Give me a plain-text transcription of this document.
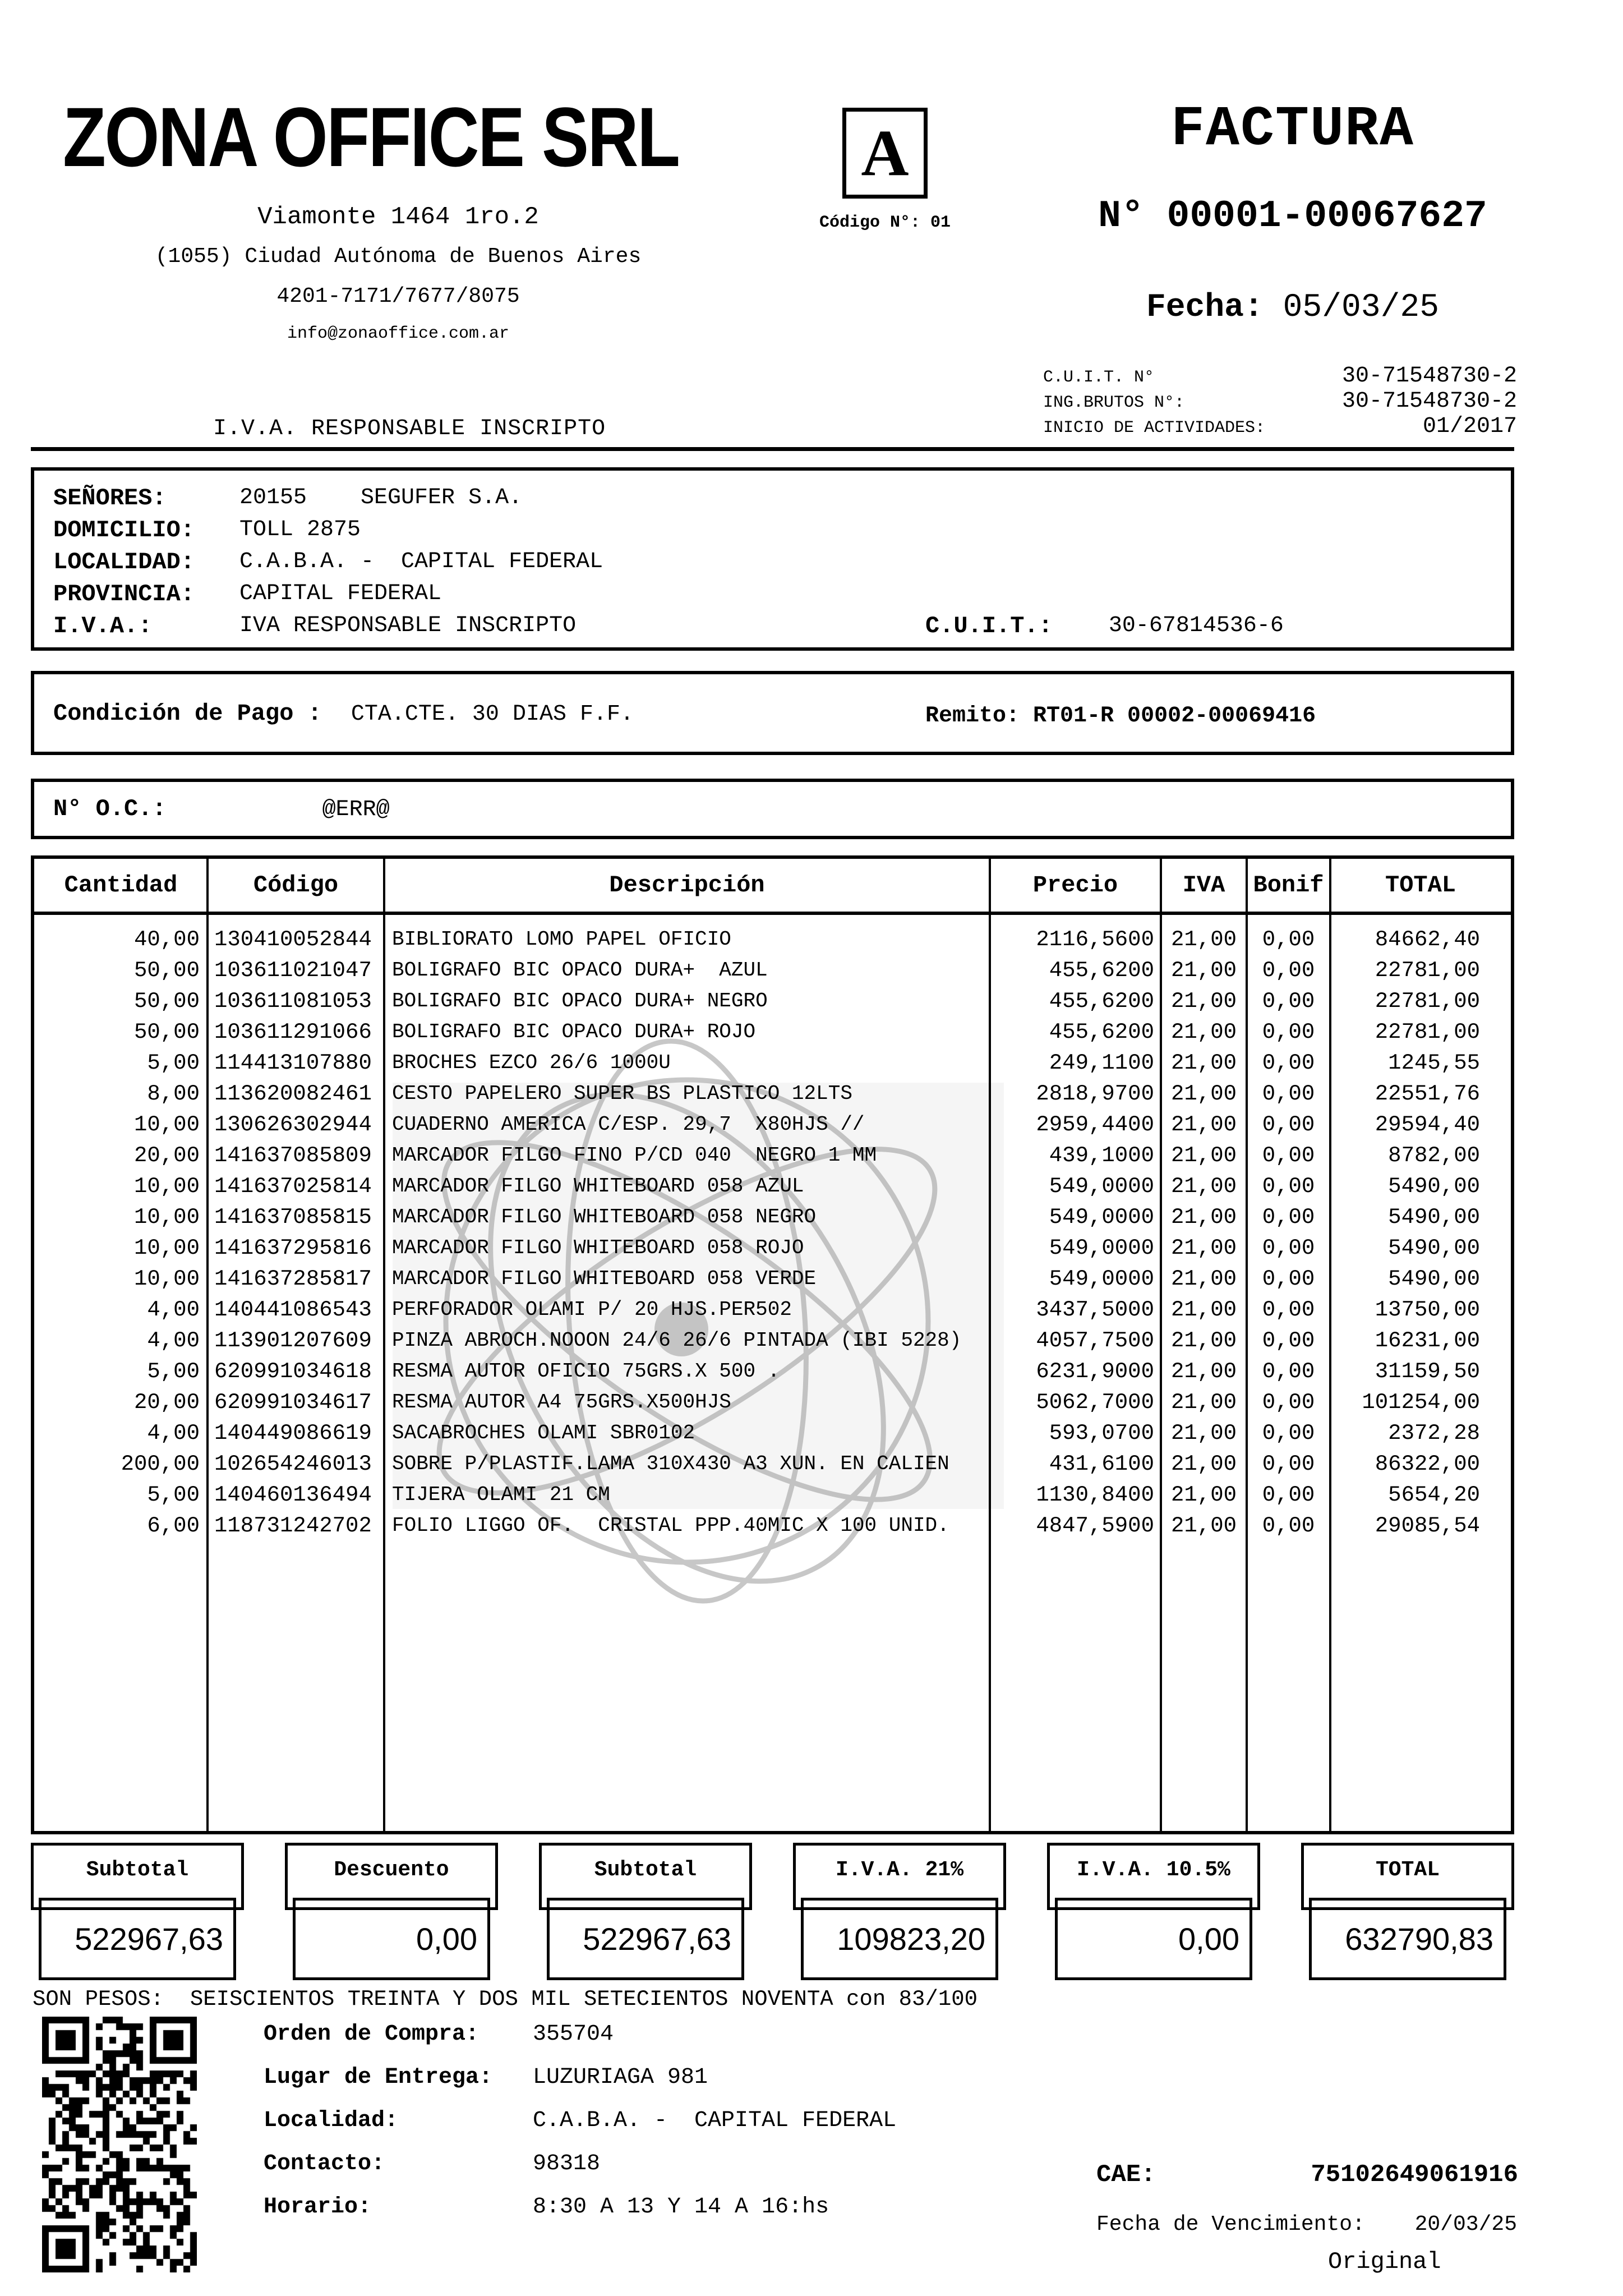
ZONA OFFICE SRL
Viamonte 1464 1ro.2
(1055) Ciudad Autónoma de Buenos Aires
4201-7171/7677/8075
info@zonaoffice.com.ar
A
Código N°: 01
FACTURA
N° 00001-00067627
Fecha: 05/03/25
C.U.I.T. N°	30-71548730-2
ING.BRUTOS N°:	30-71548730-2
INICIO DE ACTIVIDADES:	01/2017
I.V.A. RESPONSABLE INSCRIPTO
SEÑORES:	20155    SEGUFER S.A.
DOMICILIO:	TOLL 2875
LOCALIDAD:	C.A.B.A. -  CAPITAL FEDERAL
PROVINCIA:	CAPITAL FEDERAL
I.V.A.:	IVA RESPONSABLE INSCRIPTO	C.U.I.T.:	30-67814536-6
Condición de Pago : CTA.CTE. 30 DIAS F.F.	Remito: RT01-R 00002-00069416
N° O.C.:	@ERR@
Cantidad	Código	Descripción	Precio	IVA	Bonif	TOTAL
40,00 130410052844	BIBLIORATO LOMO PAPEL OFICIO	2116,5600 21,00	0,00	84662,40
50,00 103611021047	BOLIGRAFO BIC OPACO DURA+  AZUL	455,6200 21,00	0,00	22781,00
50,00 103611081053	BOLIGRAFO BIC OPACO DURA+ NEGRO	455,6200 21,00	0,00	22781,00
50,00 103611291066	BOLIGRAFO BIC OPACO DURA+ ROJO	455,6200 21,00	0,00	22781,00
5,00 114413107880	BROCHES EZCO 26/6 1000U	249,1100 21,00	0,00	1245,55
8,00 113620082461	CESTO PAPELERO SUPER BS PLASTICO 12LTS	2818,9700 21,00	0,00	22551,76
10,00 130626302944	CUADERNO AMERICA C/ESP. 29,7  X80HJS //	2959,4400 21,00	0,00	29594,40
20,00 141637085809	MARCADOR FILGO FINO P/CD 040  NEGRO 1 MM	439,1000 21,00	0,00	8782,00
10,00 141637025814	MARCADOR FILGO WHITEBOARD 058 AZUL	549,0000 21,00	0,00	5490,00
10,00 141637085815	MARCADOR FILGO WHITEBOARD 058 NEGRO	549,0000 21,00	0,00	5490,00
10,00 141637295816	MARCADOR FILGO WHITEBOARD 058 ROJO	549,0000 21,00	0,00	5490,00
10,00 141637285817	MARCADOR FILGO WHITEBOARD 058 VERDE	549,0000 21,00	0,00	5490,00
4,00 140441086543	PERFORADOR OLAMI P/ 20 HJS.PER502	3437,5000 21,00	0,00	13750,00
4,00 113901207609	PINZA ABROCH.NOOON 24/6 26/6 PINTADA (IBI 5228)	4057,7500 21,00	0,00	16231,00
5,00 620991034618	RESMA AUTOR OFICIO 75GRS.X 500 .	6231,9000 21,00	0,00	31159,50
20,00 620991034617	RESMA AUTOR A4 75GRS.X500HJS	5062,7000 21,00	0,00	101254,00
4,00 140449086619	SACABROCHES OLAMI SBR0102	593,0700 21,00	0,00	2372,28
200,00 102654246013	SOBRE P/PLASTIF.LAMA 310X430 A3 XUN. EN CALIEN	431,6100 21,00	0,00	86322,00
5,00 140460136494	TIJERA OLAMI 21 CM	1130,8400 21,00	0,00	5654,20
6,00 118731242702	FOLIO LIGGO OF.  CRISTAL PPP.40MIC X 100 UNID.	4847,5900 21,00	0,00	29085,54
Subtotal
522967,63
Descuento
0,00
Subtotal
522967,63
I.V.A. 21%
109823,20
I.V.A. 10.5%
0,00
TOTAL
632790,83
SON PESOS:  SEISCIENTOS TREINTA Y DOS MIL SETECIENTOS NOVENTA con 83/100
Orden de Compra:	355704
Lugar de Entrega:	LUZURIAGA 981
Localidad:	C.A.B.A. -  CAPITAL FEDERAL
Contacto:	98318
Horario:	8:30 A 13 Y 14 A 16:hs
CAE:	75102649061916
Fecha de Vencimiento: 20/03/25
Original
